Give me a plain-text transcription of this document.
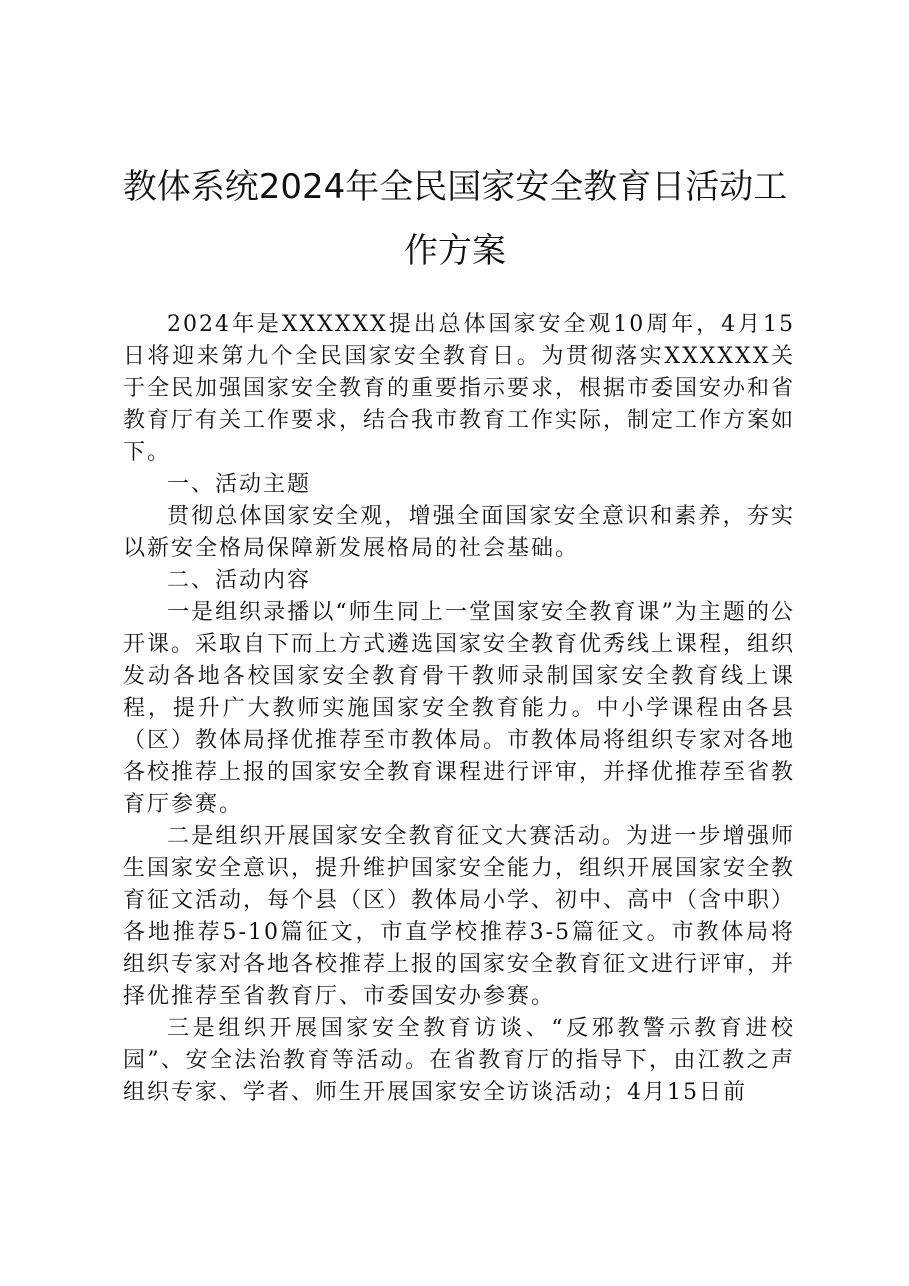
教体系统2024年全民国家安全教育日活动工作方案

2024年是XXXXXX提出总体国家安全观10周年，4月15日将迎来第九个全民国家安全教育日。为贯彻落实XXXXXX关于全民加强国家安全教育的重要指示要求，根据市委国安办和省教育厅有关工作要求，结合我市教育工作实际，制定工作方案如下。

一、活动主题

贯彻总体国家安全观，增强全面国家安全意识和素养，夯实以新安全格局保障新发展格局的社会基础。

二、活动内容

一是组织录播以“师生同上一堂国家安全教育课”为主题的公开课。采取自下而上方式遴选国家安全教育优秀线上课程，组织发动各地各校国家安全教育骨干教师录制国家安全教育线上课程，提升广大教师实施国家安全教育能力。中小学课程由各县（区）教体局择优推荐至市教体局。市教体局将组织专家对各地各校推荐上报的国家安全教育课程进行评审，并择优推荐至省教育厅参赛。

二是组织开展国家安全教育征文大赛活动。为进一步增强师生国家安全意识，提升维护国家安全能力，组织开展国家安全教育征文活动，每个县（区）教体局小学、初中、高中（含中职）各地推荐5-10篇征文，市直学校推荐3-5篇征文。市教体局将组织专家对各地各校推荐上报的国家安全教育征文进行评审，并择优推荐至省教育厅、市委国安办参赛。

三是组织开展国家安全教育访谈、“反邪教警示教育进校园”、安全法治教育等活动。在省教育厅的指导下，由江教之声组织专家、学者、师生开展国家安全访谈活动；4月15日前
